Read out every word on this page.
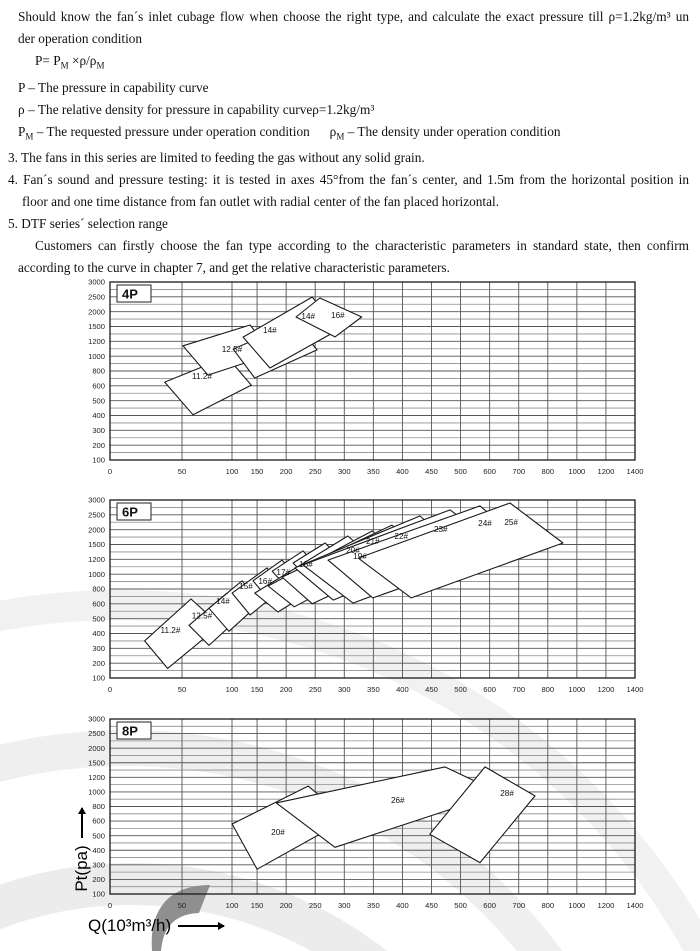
Should know the fan´s inlet cubage flow when choose the right type, and calculate the exact pressure till ρ=1.2kg/m³ un
der operation condition
$P= P_M \times\rho/\rho_M$
P – The pressure in capability curve
ρ – The relative density for pressure in capability curveρ=1.2kg/m³
$P_M$ – The requested pressure under operation condition      $\rho_M$ – The density under operation condition
3. The fans in this series are limited to feeding the gas without any solid grain.
4. Fan´s sound and pressure testing: it is tested in axes 45°from the fan´s center, and 1.5m from the horizontal position in
floor and one time distance from fan outlet with radial center of the fan placed horizontal.
5. DTF series´ selection range
Customers can firstly choose the fan type according to the characteristic parameters in standard state, then confirm
according to the curve in chapter 7, and get the relative characteristic parameters.
3000
2500
2000
1500
1200
1000
800
600
500
400
300
200
100
0	50	100 150 200 250 300 350 400 450 500 600 700 800 1000 1200 1400
11.2#
12.5#
14#
14# 16#
4P
3000
2500
2000
1500
1200
1000
800
600
500
400
300
200
100
0	50	100 150 200 250 300 350 400 450 500 600 700 800 1000 1200 1400
11.2#
12.5#
14#
15#
16#
17#
18#
19#
20#
21#
22#
23#
24# 25#
6P
3000
2500
2000
1500
1200
1000
800
600
500
400
300
200
100
0	50	100 150 200 250 300 350 400 450 500 600 700 800 1000 1200 1400
20#
26#
28#
8P
Pt(pa)
Q(10³m³/h)
